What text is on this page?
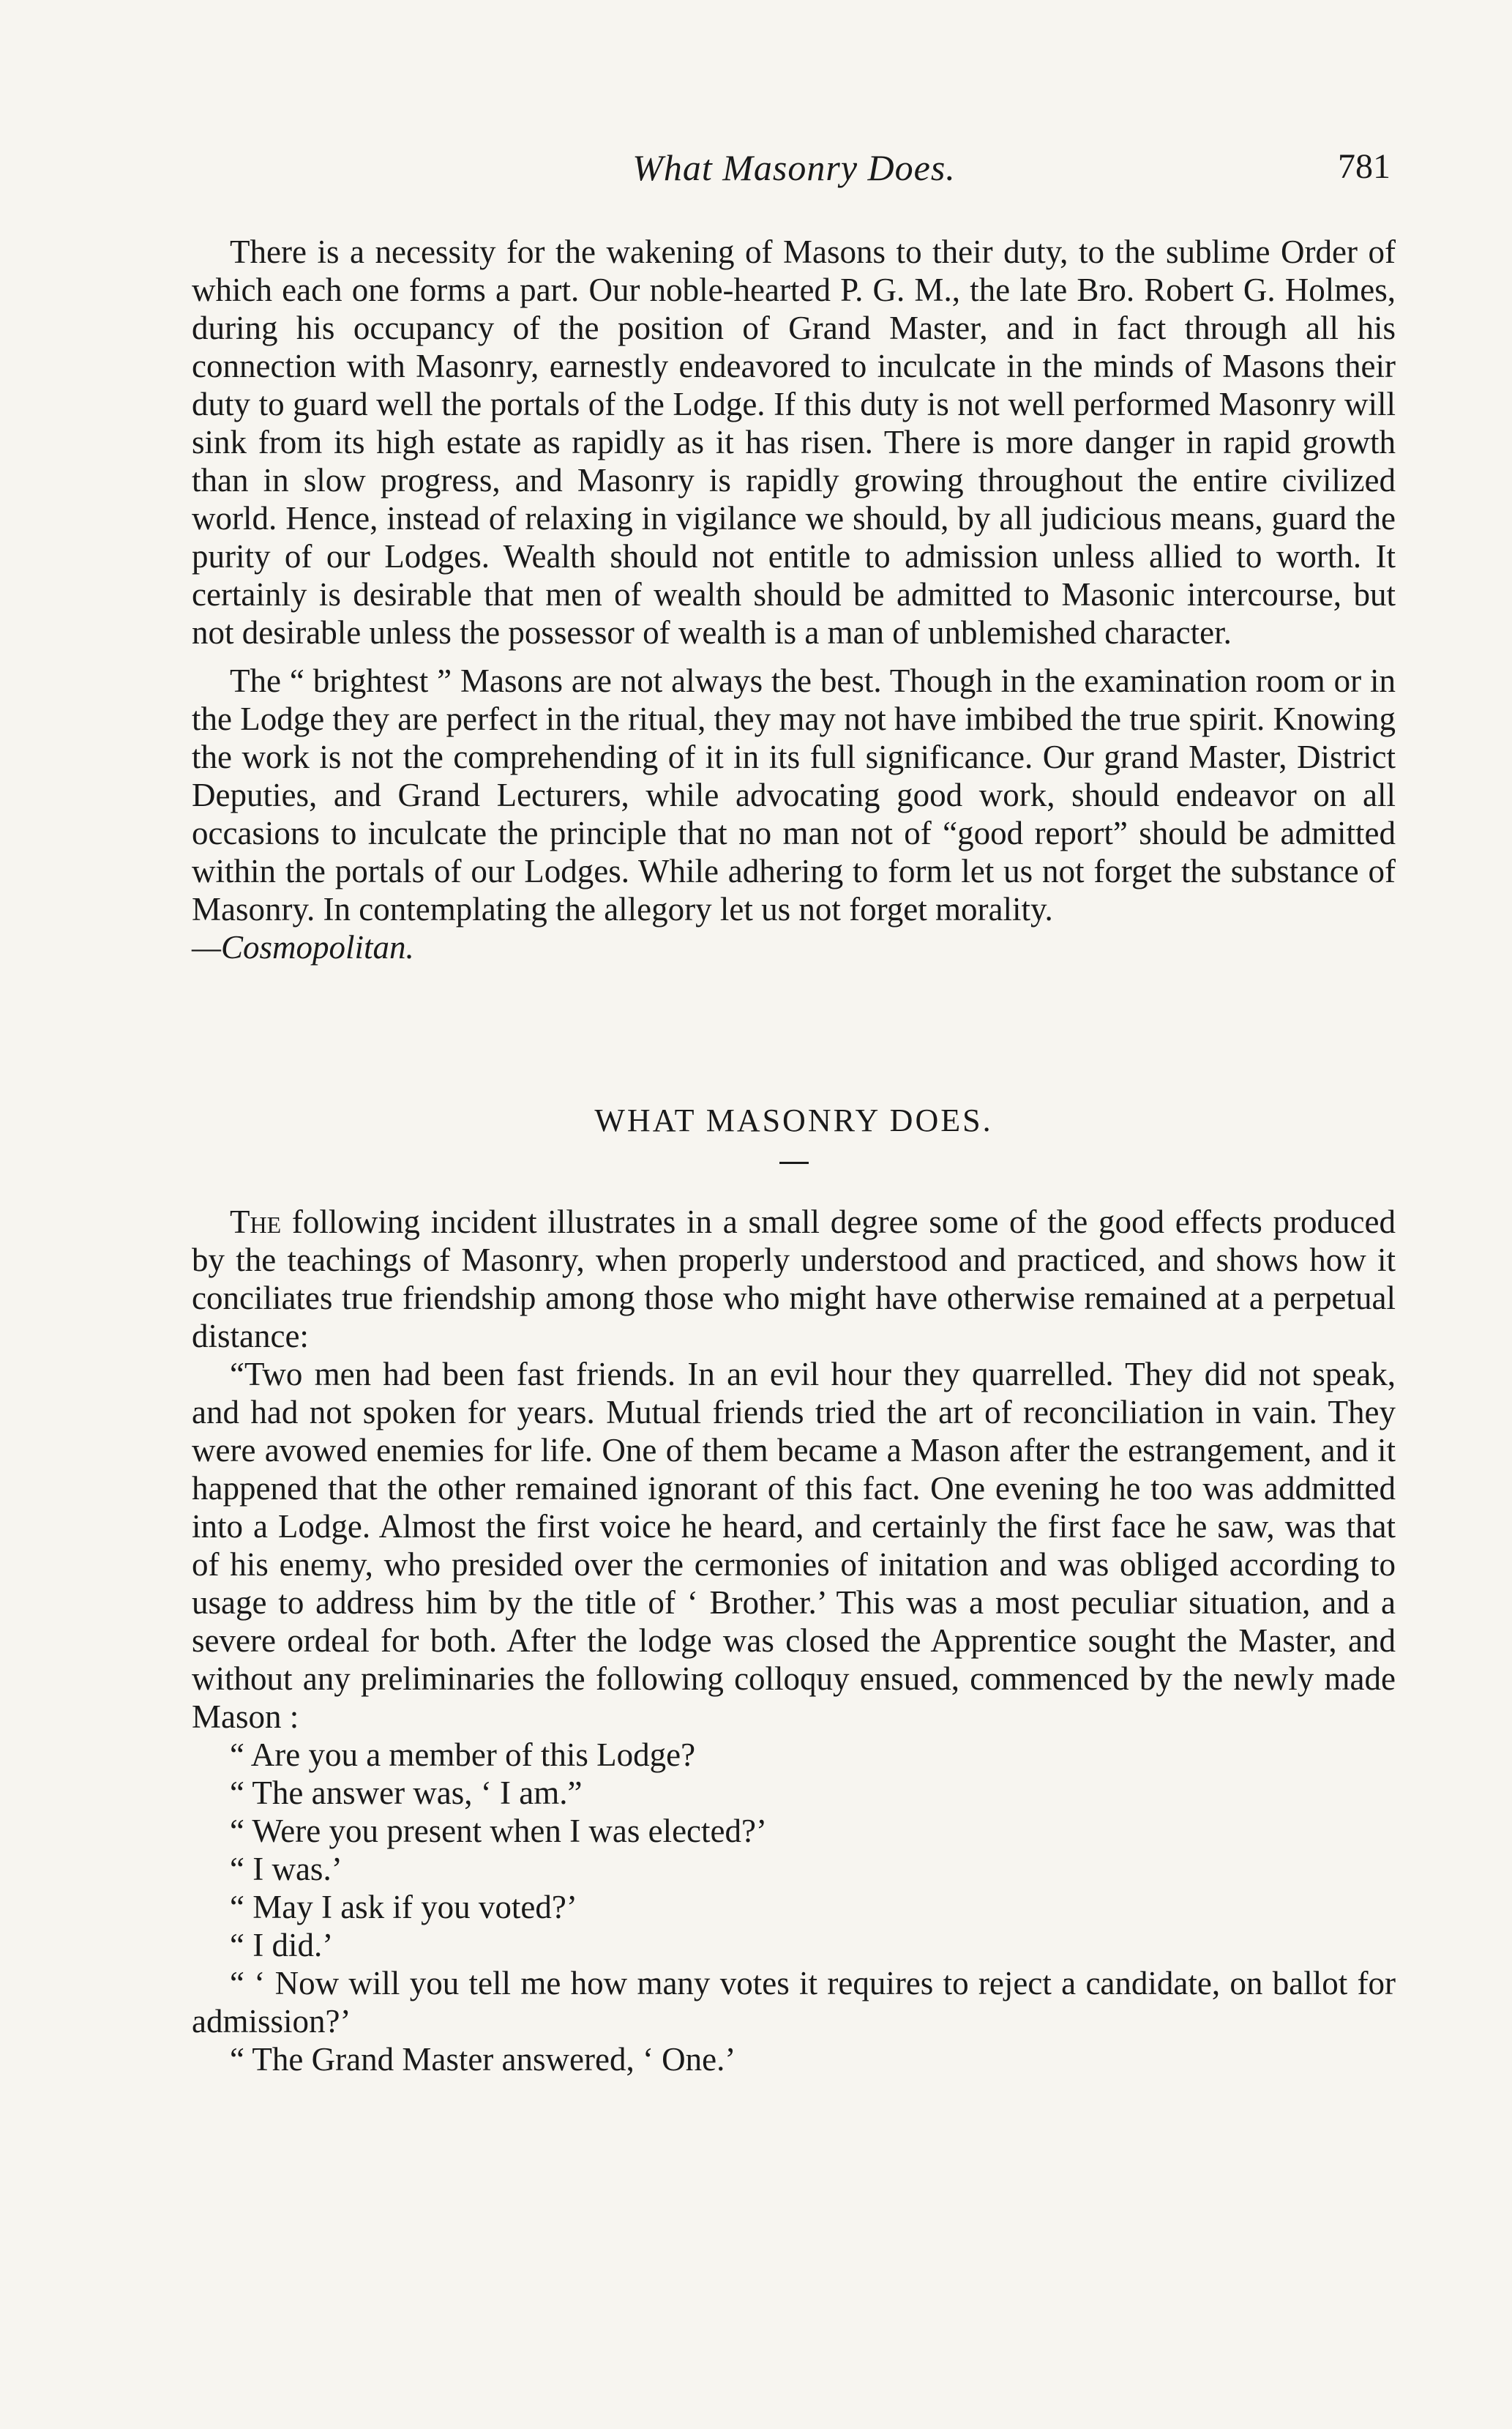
What Masonry Does.	781

There is a necessity for the wakening of Masons to their duty, to the sublime Order of which each one forms a part. Our noble-hearted P. G. M., the late Bro. Robert G. Holmes, during his occupancy of the position of Grand Master, and in fact through all his connection with Masonry, earnestly endeavored to inculcate in the minds of Masons their duty to guard well the portals of the Lodge. If this duty is not well performed Masonry will sink from its high estate as rapidly as it has risen. There is more danger in rapid growth than in slow progress, and Masonry is rapidly growing throughout the entire civilized world. Hence, instead of relaxing in vigilance we should, by all judicious means, guard the purity of our Lodges. Wealth should not entitle to admission unless allied to worth. It certainly is desirable that men of wealth should be admitted to Masonic intercourse, but not desirable unless the possessor of wealth is a man of unblemished character.

The “ brightest ” Masons are not always the best. Though in the examination room or in the Lodge they are perfect in the ritual, they may not have imbibed the true spirit. Knowing the work is not the comprehending of it in its full significance. Our grand Master, District Deputies, and Grand Lecturers, while advocating good work, should endeavor on all occasions to inculcate the principle that no man not of “good report” should be admitted within the portals of our Lodges. While adhering to form let us not forget the substance of Masonry. In contemplating the allegory let us not forget morality.

—Cosmopolitan.

WHAT MASONRY DOES.

The following incident illustrates in a small degree some of the good effects produced by the teachings of Masonry, when properly understood and practiced, and shows how it conciliates true friendship among those who might have otherwise remained at a perpetual distance:

“Two men had been fast friends. In an evil hour they quarrelled. They did not speak, and had not spoken for years. Mutual friends tried the art of reconciliation in vain. They were avowed enemies for life. One of them became a Mason after the estrangement, and it happened that the other remained ignorant of this fact. One evening he too was addmitted into a Lodge. Almost the first voice he heard, and certainly the first face he saw, was that of his enemy, who presided over the cermonies of initation and was obliged according to usage to address him by the title of ‘ Brother.’ This was a most peculiar situation, and a severe ordeal for both. After the lodge was closed the Apprentice sought the Master, and without any preliminaries the following colloquy ensued, commenced by the newly made Mason :

“ Are you a member of this Lodge?

“ The answer was, ‘ I am.”

“ Were you present when I was elected?’

“ I was.’

“ May I ask if you voted?’

“ I did.’

“ ‘ Now will you tell me how many votes it requires to reject a candidate, on ballot for admission?’

“ The Grand Master answered, ‘ One.’
